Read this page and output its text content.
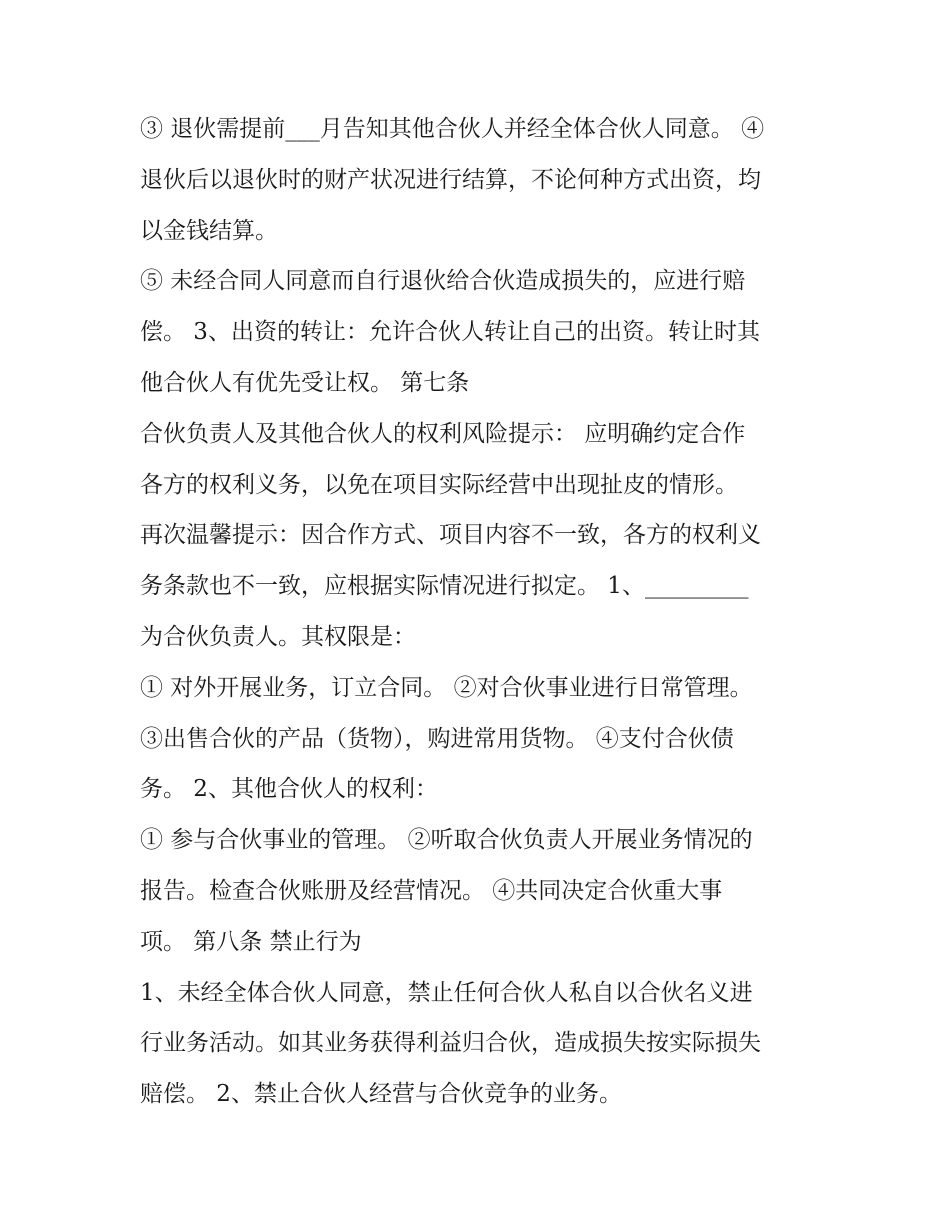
③ 退伙需提前___月告知其他合伙人并经全体合伙人同意。 ④

退伙后以退伙时的财产状况进行结算，不论何种方式出资，均

以金钱结算。

⑤ 未经合同人同意而自行退伙给合伙造成损失的，应进行赔

偿。 3、出资的转让：允许合伙人转让自己的出资。转让时其

他合伙人有优先受让权。 第七条

合伙负责人及其他合伙人的权利风险提示： 应明确约定合作

各方的权利义务，以免在项目实际经营中出现扯皮的情形。

再次温馨提示：因合作方式、项目内容不一致，各方的权利义

务条款也不一致，应根据实际情况进行拟定。 1、_________

为合伙负责人。其权限是：

① 对外开展业务，订立合同。 ②对合伙事业进行日常管理。

③出售合伙的产品（货物），购进常用货物。 ④支付合伙债

务。 2、其他合伙人的权利：

① 参与合伙事业的管理。 ②听取合伙负责人开展业务情况的

报告。检查合伙账册及经营情况。 ④共同决定合伙重大事

项。 第八条 禁止行为

1、未经全体合伙人同意，禁止任何合伙人私自以合伙名义进

行业务活动。如其业务获得利益归合伙，造成损失按实际损失

赔偿。 2、禁止合伙人经营与合伙竞争的业务。
